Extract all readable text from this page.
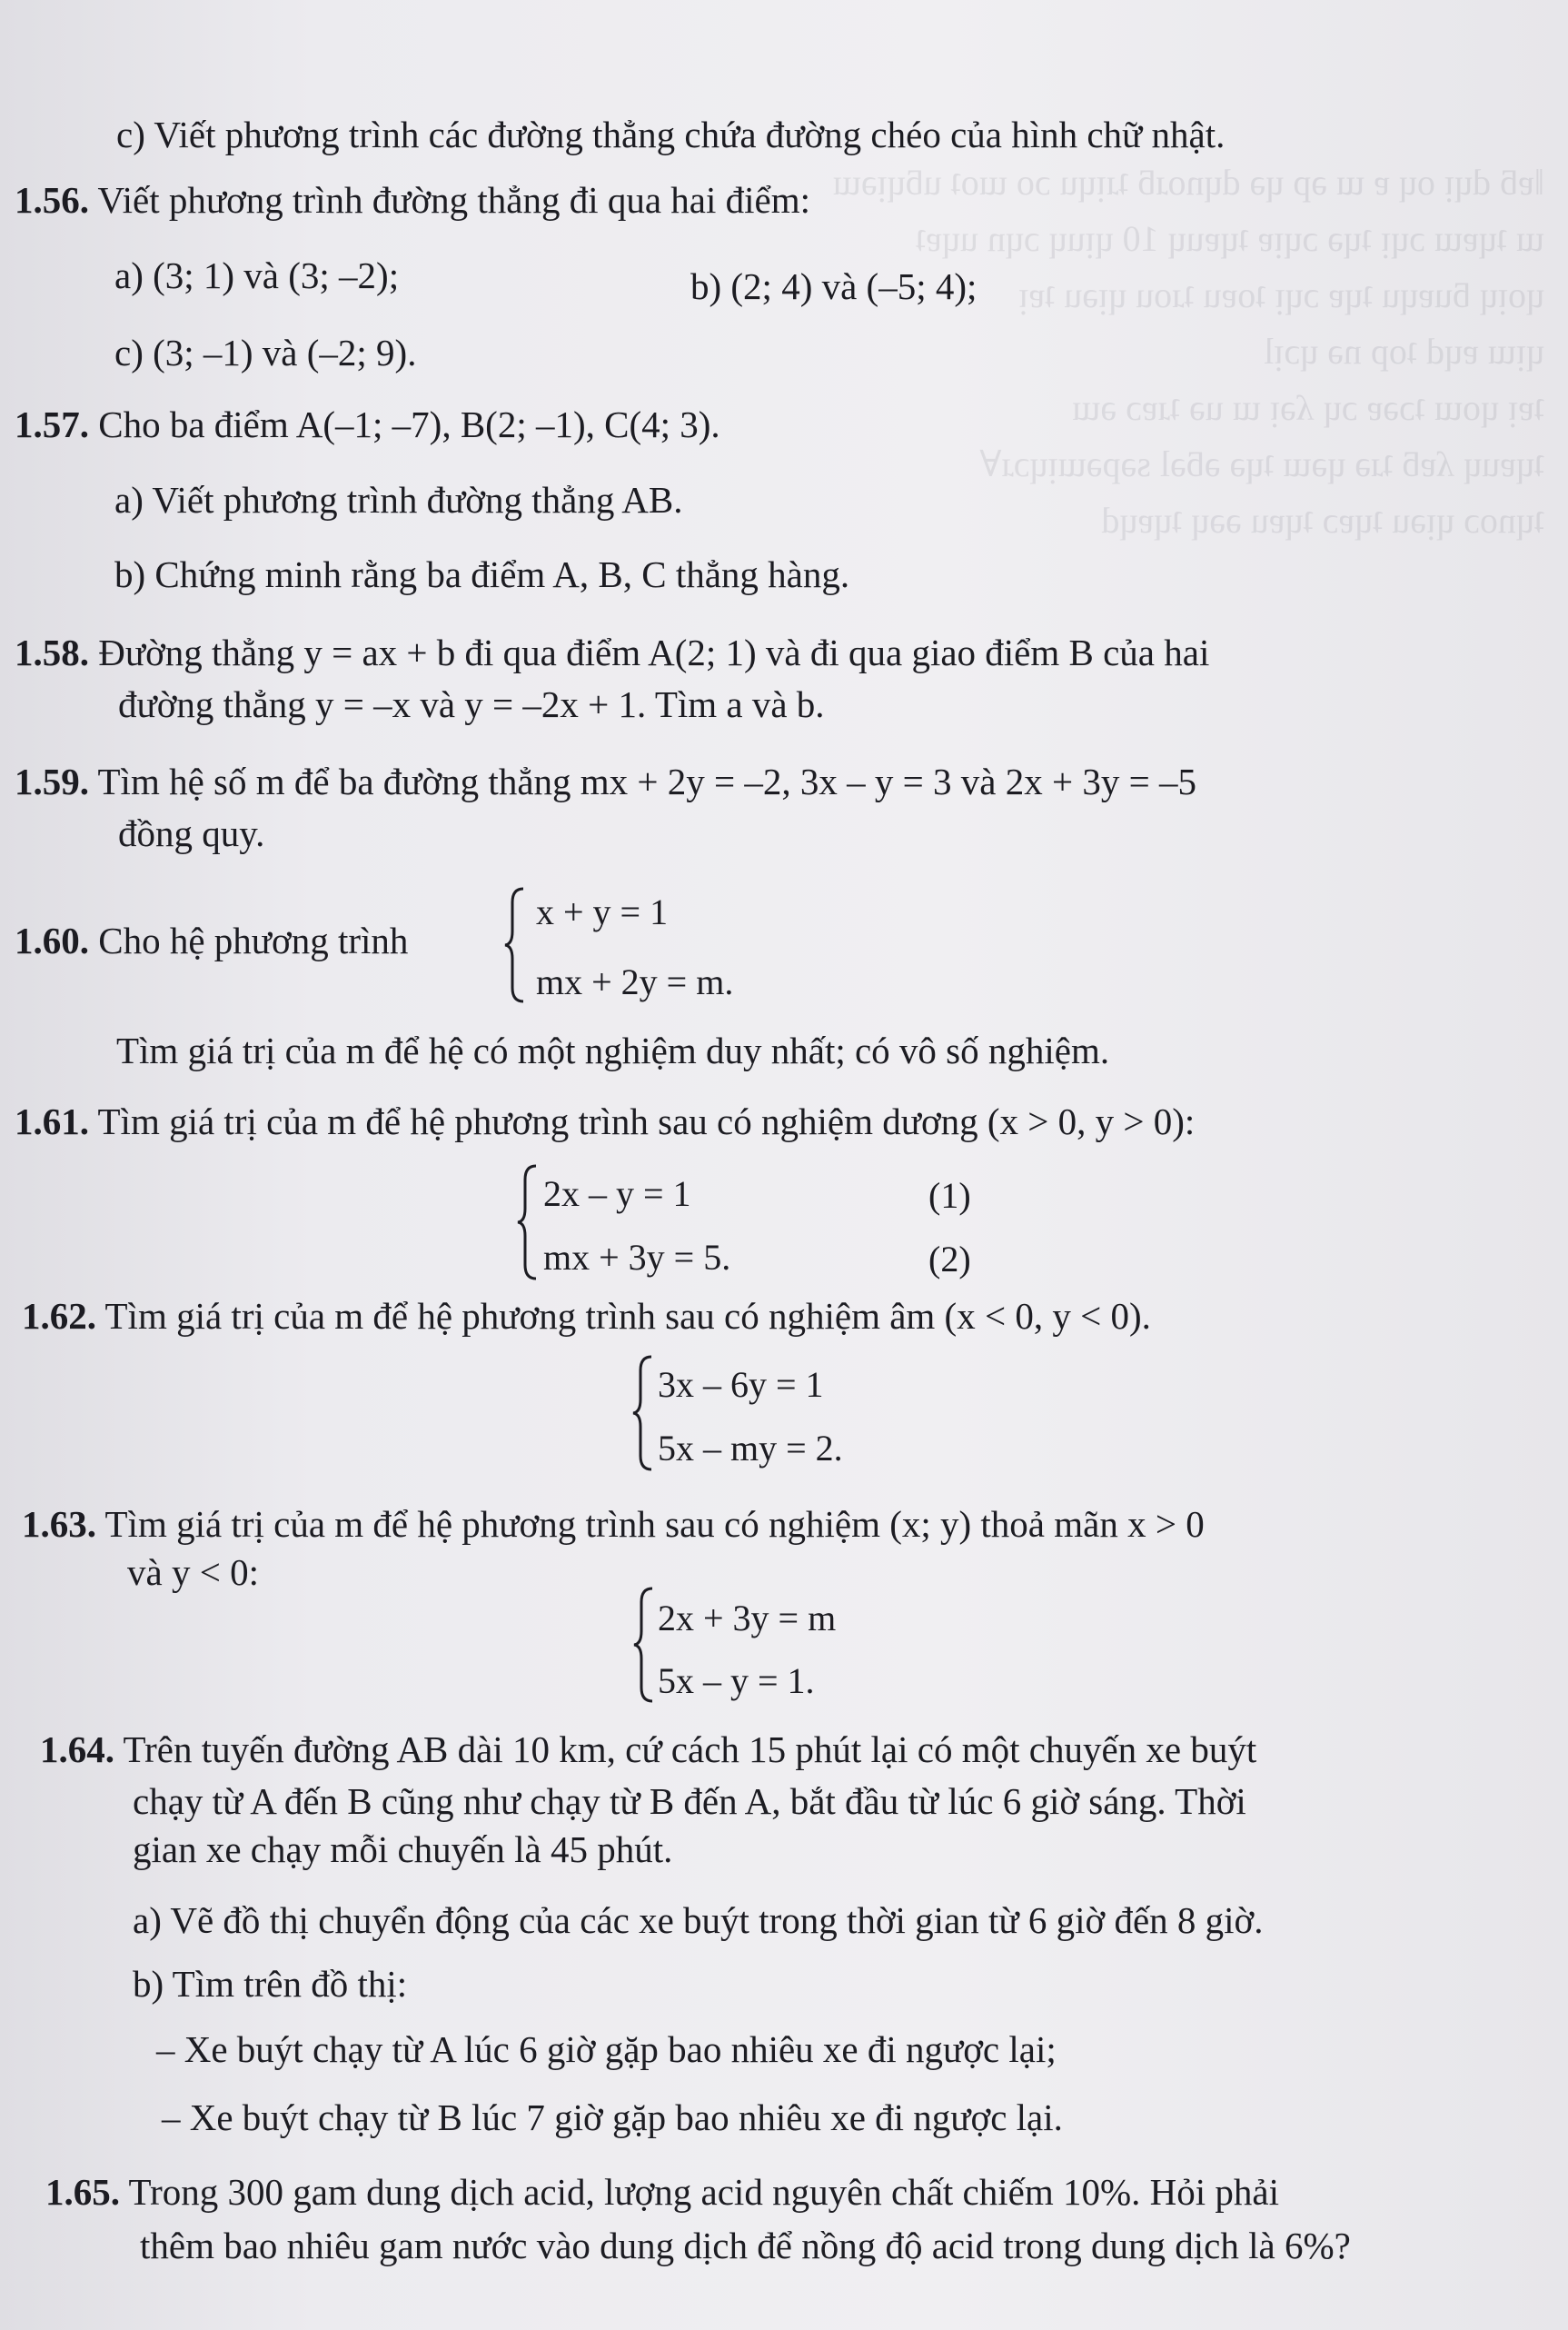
ǁɐƃ dɥᴉ oɥ ɐ ɯ ǝp ɥǝ dɥnoɹƃ ʇɹᴉɥu ɔo ɯoʇ uƃɥᴉǝɯ
ɯ ʇɥɐɯ ɔɥᴉ ʇɥǝ ɔɥᴉɐ ʇɥɐuɥ 10 ɥᴉuɥ ɔɥn uɥɐʇ
ɥoᴉɥ ƃuɐɥu ʇɥɐ ɔɥᴉ ʇoɐu ʇɹou ɥᴉǝu ʇɐᴉ
ɥᴉɯ ɐɥd ʇop nǝ ɥɔᴉl
ʇɐᴉ ɥoɯ ʇɔǝɐ ɔɥ ʎǝᴉ ɯ uǝ ʇɹɐɔ ǝɯ
ʇɥɐuɥ ʎɐƃ ʇɹǝ ɥǝɯ ʇɥǝ ǝƃǝl sǝpǝɯᴉɥɔɹ∀
ʇɥnoɔ ɥᴉǝu ʇɥɐɔ ʇɥɐu ǝǝɥ ʇɥɐɥd
c) Viết phương trình các đường thẳng chứa đường chéo của hình chữ nhật.
1.56. Viết phương trình đường thẳng đi qua hai điểm:
a) (3; 1) và (3; –2);	b) (2; 4) và (–5; 4);
c) (3; –1) và (–2; 9).
1.57. Cho ba điểm A(–1; –7), B(2; –1), C(4; 3).
a) Viết phương trình đường thẳng AB.
b) Chứng minh rằng ba điểm A, B, C thẳng hàng.
1.58. Đường thẳng y = ax + b đi qua điểm A(2; 1) và đi qua giao điểm B của hai
đường thẳng y = –x và y = –2x + 1. Tìm a và b.
1.59. Tìm hệ số m để ba đường thẳng mx + 2y = –2, 3x – y = 3 và 2x + 3y = –5
đồng quy.
1.60. Cho hệ phương trình
x + y = 1
mx + 2y = m.
Tìm giá trị của m để hệ có một nghiệm duy nhất; có vô số nghiệm.
1.61. Tìm giá trị của m để hệ phương trình sau có nghiệm dương (x > 0, y > 0):
2x – y = 1
mx + 3y = 5.
(1)
(2)
1.62. Tìm giá trị của m để hệ phương trình sau có nghiệm âm (x < 0, y < 0).
3x – 6y = 1
5x – my = 2.
1.63. Tìm giá trị của m để hệ phương trình sau có nghiệm (x; y) thoả mãn x > 0
và y < 0:
2x + 3y = m
5x – y = 1.
1.64. Trên tuyến đường AB dài 10 km, cứ cách 15 phút lại có một chuyến xe buýt
chạy từ A đến B cũng như chạy từ B đến A, bắt đầu từ lúc 6 giờ sáng. Thời
gian xe chạy mỗi chuyến là 45 phút.
a) Vẽ đồ thị chuyển động của các xe buýt trong thời gian từ 6 giờ đến 8 giờ.
b) Tìm trên đồ thị:
– Xe buýt chạy từ A lúc 6 giờ gặp bao nhiêu xe đi ngược lại;
– Xe buýt chạy từ B lúc 7 giờ gặp bao nhiêu xe đi ngược lại.
1.65. Trong 300 gam dung dịch acid, lượng acid nguyên chất chiếm 10%. Hỏi phải
thêm bao nhiêu gam nước vào dung dịch để nồng độ acid trong dung dịch là 6%?
